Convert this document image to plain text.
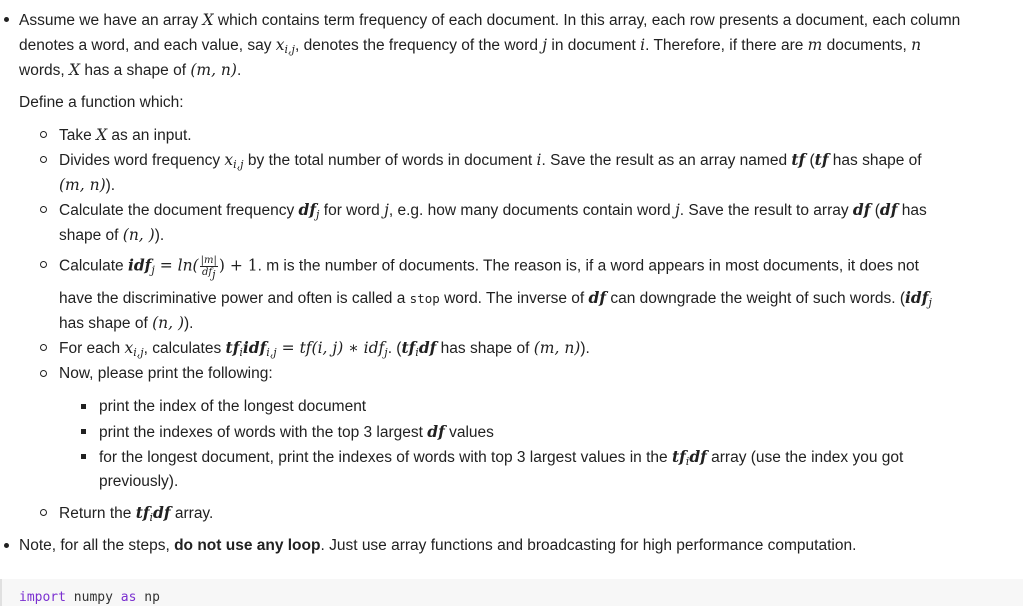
Assume we have an array X which contains term frequency of each document. In this array, each row presents a document, each column
denotes a word, and each value, say $x_{i,j}$, denotes the frequency of the word j in document i. Therefore, if there are m documents, n
words, X has a shape of (m, n).
Define a function which:
Take X as an input.
Divides word frequency $x_{i,j}$ by the total number of words in document i. Save the result as an array named tf (tf has shape of
(m, n)).
Calculate the document frequency $df_j$ for word j, e.g. how many documents contain word j. Save the result to array df (df has
shape of (n, )).
Calculate $idf_j = \ln( \frac{|m|}{df_j}$ ) + 1. m is the number of documents. The reason is, if a word appears in most documents, it does not
have the discriminative power and often is called a stop word. The inverse of df can downgrade the weight of such words. (idf$_j$
has shape of (n, )).
For each $x_{i,j}$, calculates $tf_iidf_{i,j} = tf(i$, j) ∗ idf$_j$. ($tf_idf$ has shape of (m, n)).
Now, please print the following:
print the index of the longest document
print the indexes of words with the top 3 largest df values
for the longest document, print the indexes of words with top 3 largest values in the $tf_idf$ array (use the index you got
previously).
Return the $tf_idf$ array.
Note, for all the steps, do not use any loop. Just use array functions and broadcasting for high performance computation.
import numpy as np
